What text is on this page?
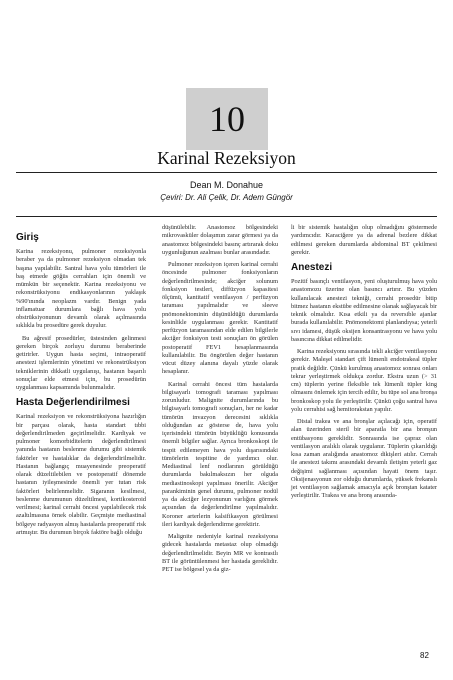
10
Karinal Rezeksiyon
Dean M. Donahue
Çeviri: Dr. Ali Çelik, Dr. Adem Güngör
Giriş

Karina rezeksiyonu, pulmoner rezeksiyonla beraber ya da pulmoner rezeksiyon olmadan tek başına yapılabilir. Santral hava yolu tümörleri ile baş etmede göğüs cerrahları için önemli ve mümkün bir seçenektir. Karina rezeksiyonu ve rekonstrüksiyonu endikasyonlarının yaklaşık %90'ınında neoplazm vardır. Benign yada inflamatuar durumlara bağlı hava yolu obstrüksiyonunun devamlı olarak açılmasında sıklıkla bu prosedüre gerek duyulur.

Bu ağresif prosedürler, üstesinden gelinmesi gereken birçok zorluyu durumu beraberinde getirirler. Uygun hasta seçimi, intraoperatif anestezi işlemlerinin yönetimi ve rekonstrüksiyon tekniklerinin dikkatli uygulanışı, hastanın başarılı sonuçlar elde etmesi için, bu prosedürün uygulanması kapsamında bulunmalıdır.

Hasta Değerlendirilmesi

Karinal rezeksiyon ve rekonstrüksiyona hazırlığın bir parçası olarak, hasta standart tıbbi değerlendirilmeden geçirilmelidir. Kardiyak ve pulmoner komorbiditelerin değerlendirilmesi yanında hastanın beslenme durumu gibi sistemik faktörler ve hastalıklar da değerlendirilmelidir. Hastanın bağlangıç muayenesinde preoperatif olarak düzeltilebilen ve postoperatif dönemde hastanın iyileşmesinde önemli yer tutan risk faktörleri belirlenmelidir. Sigaranın kesilmesi, beslenme durumunun düzeltilmesi, kortikosteroid verilmesi; karinal cerrahi öncesi yapılabilecek risk azaltılmasına örnek olabilir. Geçmişte mediastinal bölgeye radyasyon almış hastalarda preoperatif risk artmıştır. Bu durumun birçok faktöre bağlı olduğu

düşünülebilir. Anastomoz bölgesindeki mikrovasküler dolaşımın zarar görmesi ya da anastomoz bölgesindeki basınç artırarak doku uygunluğunun azalması bunlar arasındadır.

Pulmoner rezeksiyon içeren karinal cerrahi öncesinde pulmoner fonksiyonların değerlendirilmesinde; akciğer solunum fonksiyon testleri, diffüzyon kapasitesi ölçümü, kantitatif ventilasyon / perfüzyon taraması yapılmalıdır ve sleeve pnömonektominin düşünüldüğü durumlarda kesinlikle uygulanması gerekir. Kantitatif perfüzyon taramasından elde edilen bilgilerle akciğer fonksiyon testi sonuçları ön görülen postoperatif FEV1 hesaplanmasında kullanılabilir. Bu öngörülen değer hastanın vücut düzey alanına dayalı yüzde olarak hesaplanır.

Karinal cerrahi öncesi tüm hastalarda bilgisayarlı tomografi taraması yapılması zorunludur. Malignite durumlarında bu bilgisayarlı tomografi sonuçları, her ne kadar tümörün invazyon derecesini sıklıkla olduğundan az gösterse de, hava yolu içerisindeki tümörün büyüklüğü konusunda önemli bilgiler sağlar. Ayrıca bronkoskopi ile tespit edilemeyen hava yolu dışarısındaki tümörlerin tespitine de yardımcı olur. Mediastinal lenf nodlarının görüldüğü durumlarda bakılmaksızın her olguda mediastinoskopi yapılması önerilir. Akciğer parankiminin genel durumu, pulmoner nodül ya da akciğer lezyonunun varlığını görmek açısından da değerlendirilme yapılmalıdır. Koroner arterlerin kalsifikasyon görülmesi ileri kardiyak değerlendirme gerektirir.

Malignite nedeniyle karinal rezeksiyona gidecek hastalarda metastaz olup olmadığı değerlendirilmelidir. Beyin MR ve kontrastlı BT ile görüntülenmesi her hastada gereklidir. PET ise bölgesel ya da giz-

li bir sistemik hastalığın olup olmadığını göstermede yardımcıdır. Karaciğere ya da adrenal bezlere dikkat edilmesi gereken durumlarda abdominal BT çekilmesi gerekir.

Anestezi

Pozitif basınçlı ventilasyon, yeni oluşturulmuş hava yolu anastomozu üzerine olan basıncı artırır. Bu yüzden kullanılacak anestezi tekniği, cerrahi prosedür bitip bitmez hastanın ekstübe edilmesine olanak sağlayacak bir teknik olmalıdır. Kısa etkili ya da reversible ajanlar burada kullanılabilir. Pnömonektomi planlandıysa; yeterli sıvı idamesi, düşük oksijen konsantrasyonu ve hava yolu basıncına dikkat edilmelidir.

Karina rezeksiyonu sırasında tekli akciğer ventilasyonu gerekir. Maleşel standart çift lümenli endotrakeal tüpler pratik değildir. Çünkü kurulmuş anastomoz sonrası onları tekrar yerleştirmek oldukça zordur. Ekstra uzun (> 31 cm) tüplerin yerine fleksible tek lümenli tüpler king olmasını önlemek için tercih edilir, bu tüpe sol ana bronşa bronkoskop yolu ile yerleştirilir. Çünkü çoğu santral hava yolu cerrahisi sağ hemitorakstan yapılır.

Distal trakea ve ana bronşlar açılacağı için, operatif alan üzerinden steril bir aparatla bir ana bronşun entübasyonu gereklidir. Sonrasında ise çapraz olan ventilasyon aralıklı olarak uygulanır. Tüplerin çıkarıldığı kısa zaman aralığında anastomoz dikişleri atılır. Cerrah ile anestezi takımı arasındaki devamlı iletişim yeterli gaz değişimi sağlanması açısından hayati önem taşır. Oksijenasyonun zor olduğu durumlarda, yüksek frekanslı jet ventilasyon sağlamak amacıyla açık bronştan katater yerleştirilir. Trakea ve ana bronş arasında-

82
